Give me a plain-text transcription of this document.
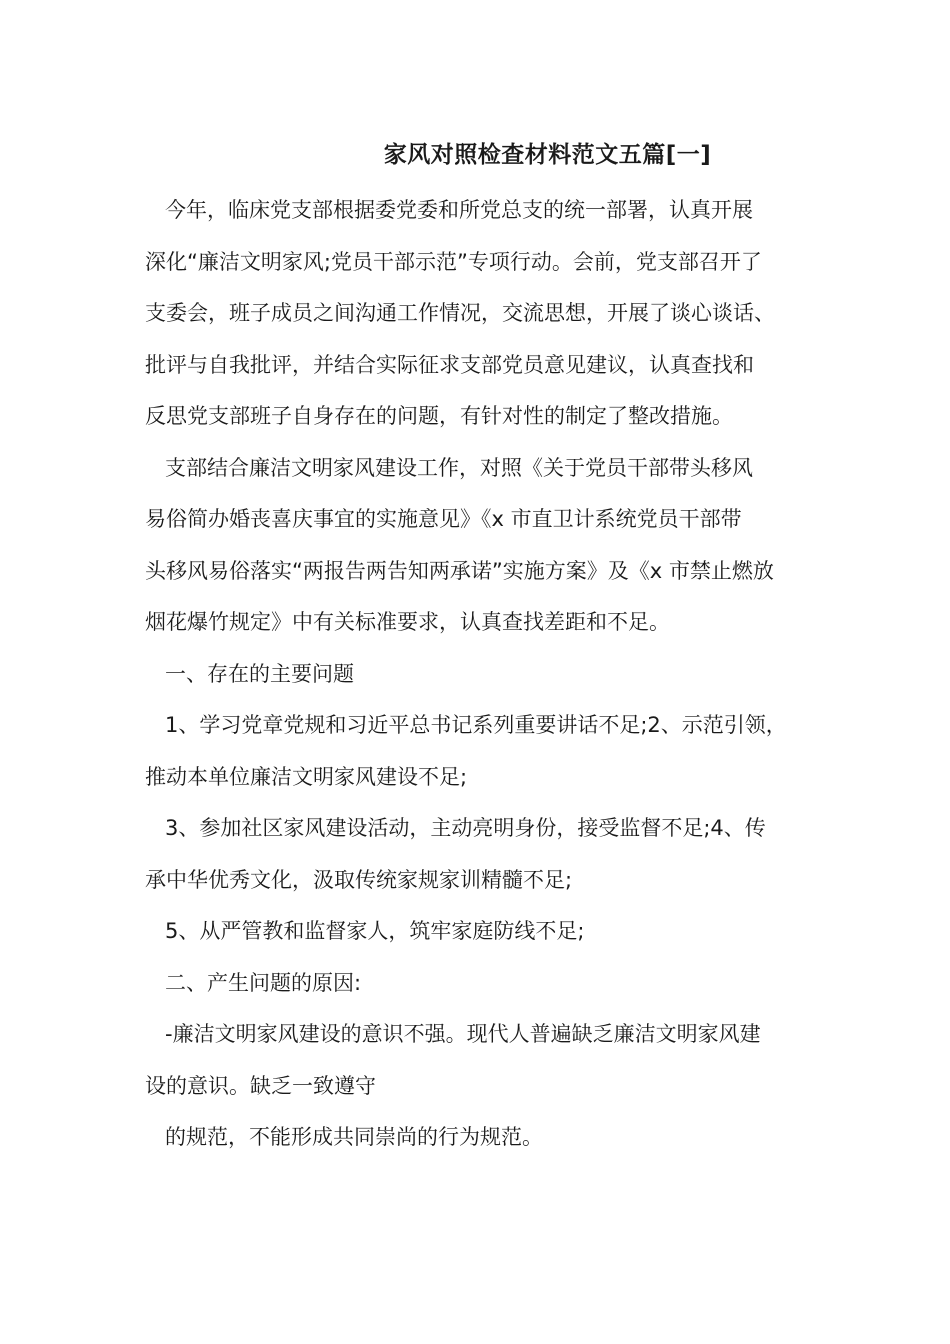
家风对照检查材料范文五篇[一]
今年，临床党支部根据委党委和所党总支的统一部署，认真开展
深化“廉洁文明家风;党员干部示范”专项行动。会前，党支部召开了
支委会，班子成员之间沟通工作情况，交流思想，开展了谈心谈话、
批评与自我批评，并结合实际征求支部党员意见建议，认真查找和
反思党支部班子自身存在的问题，有针对性的制定了整改措施。
支部结合廉洁文明家风建设工作，对照《关于党员干部带头移风
易俗简办婚丧喜庆事宜的实施意见》《x 市直卫计系统党员干部带
头移风易俗落实“两报告两告知两承诺”实施方案》及《x 市禁止燃放
烟花爆竹规定》中有关标准要求，认真查找差距和不足。
一、存在的主要问题
1、学习党章党规和习近平总书记系列重要讲话不足;2、示范引领，
推动本单位廉洁文明家风建设不足;
3、参加社区家风建设活动，主动亮明身份，接受监督不足;4、传
承中华优秀文化，汲取传统家规家训精髓不足;
5、从严管教和监督家人，筑牢家庭防线不足;
二、产生问题的原因:
-廉洁文明家风建设的意识不强。现代人普遍缺乏廉洁文明家风建
设的意识。缺乏一致遵守
的规范，不能形成共同崇尚的行为规范。
